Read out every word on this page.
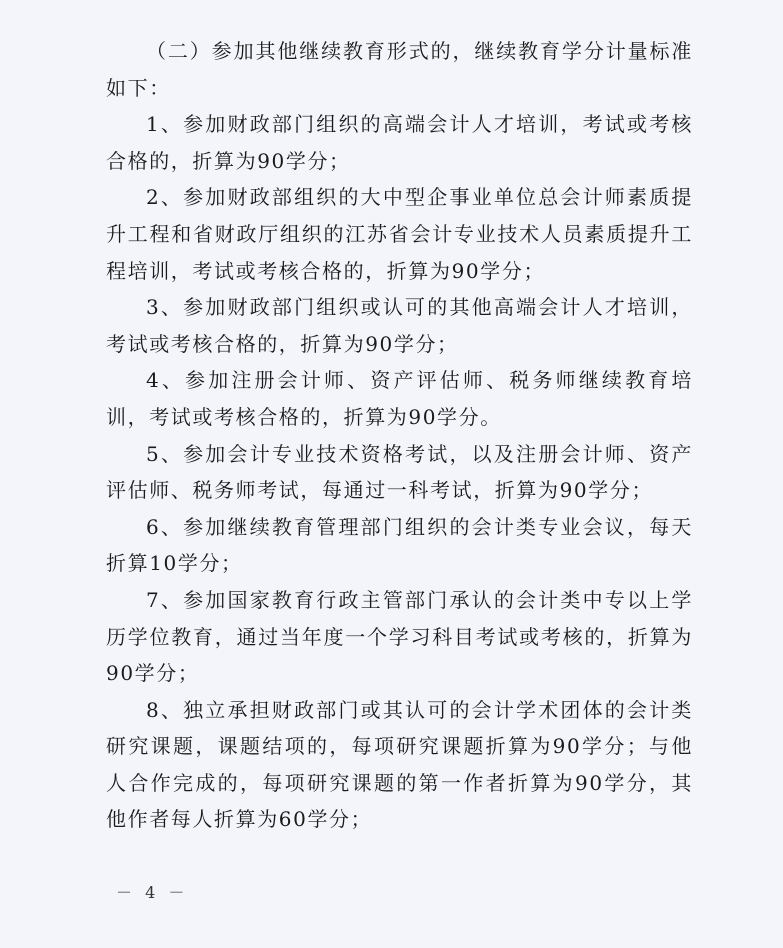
（二）参加其他继续教育形式的，继续教育学分计量标准如下：

1、参加财政部门组织的高端会计人才培训，考试或考核合格的，折算为90学分；

2、参加财政部组织的大中型企事业单位总会计师素质提升工程和省财政厅组织的江苏省会计专业技术人员素质提升工程培训，考试或考核合格的，折算为90学分；

3、参加财政部门组织或认可的其他高端会计人才培训，考试或考核合格的，折算为90学分；

4、参加注册会计师、资产评估师、税务师继续教育培训，考试或考核合格的，折算为90学分。

5、参加会计专业技术资格考试，以及注册会计师、资产评估师、税务师考试，每通过一科考试，折算为90学分；

6、参加继续教育管理部门组织的会计类专业会议，每天折算10学分；

7、参加国家教育行政主管部门承认的会计类中专以上学历学位教育，通过当年度一个学习科目考试或考核的，折算为90学分；

8、独立承担财政部门或其认可的会计学术团体的会计类研究课题，课题结项的，每项研究课题折算为90学分；与他人合作完成的，每项研究课题的第一作者折算为90学分，其他作者每人折算为60学分；

－ 4 －
